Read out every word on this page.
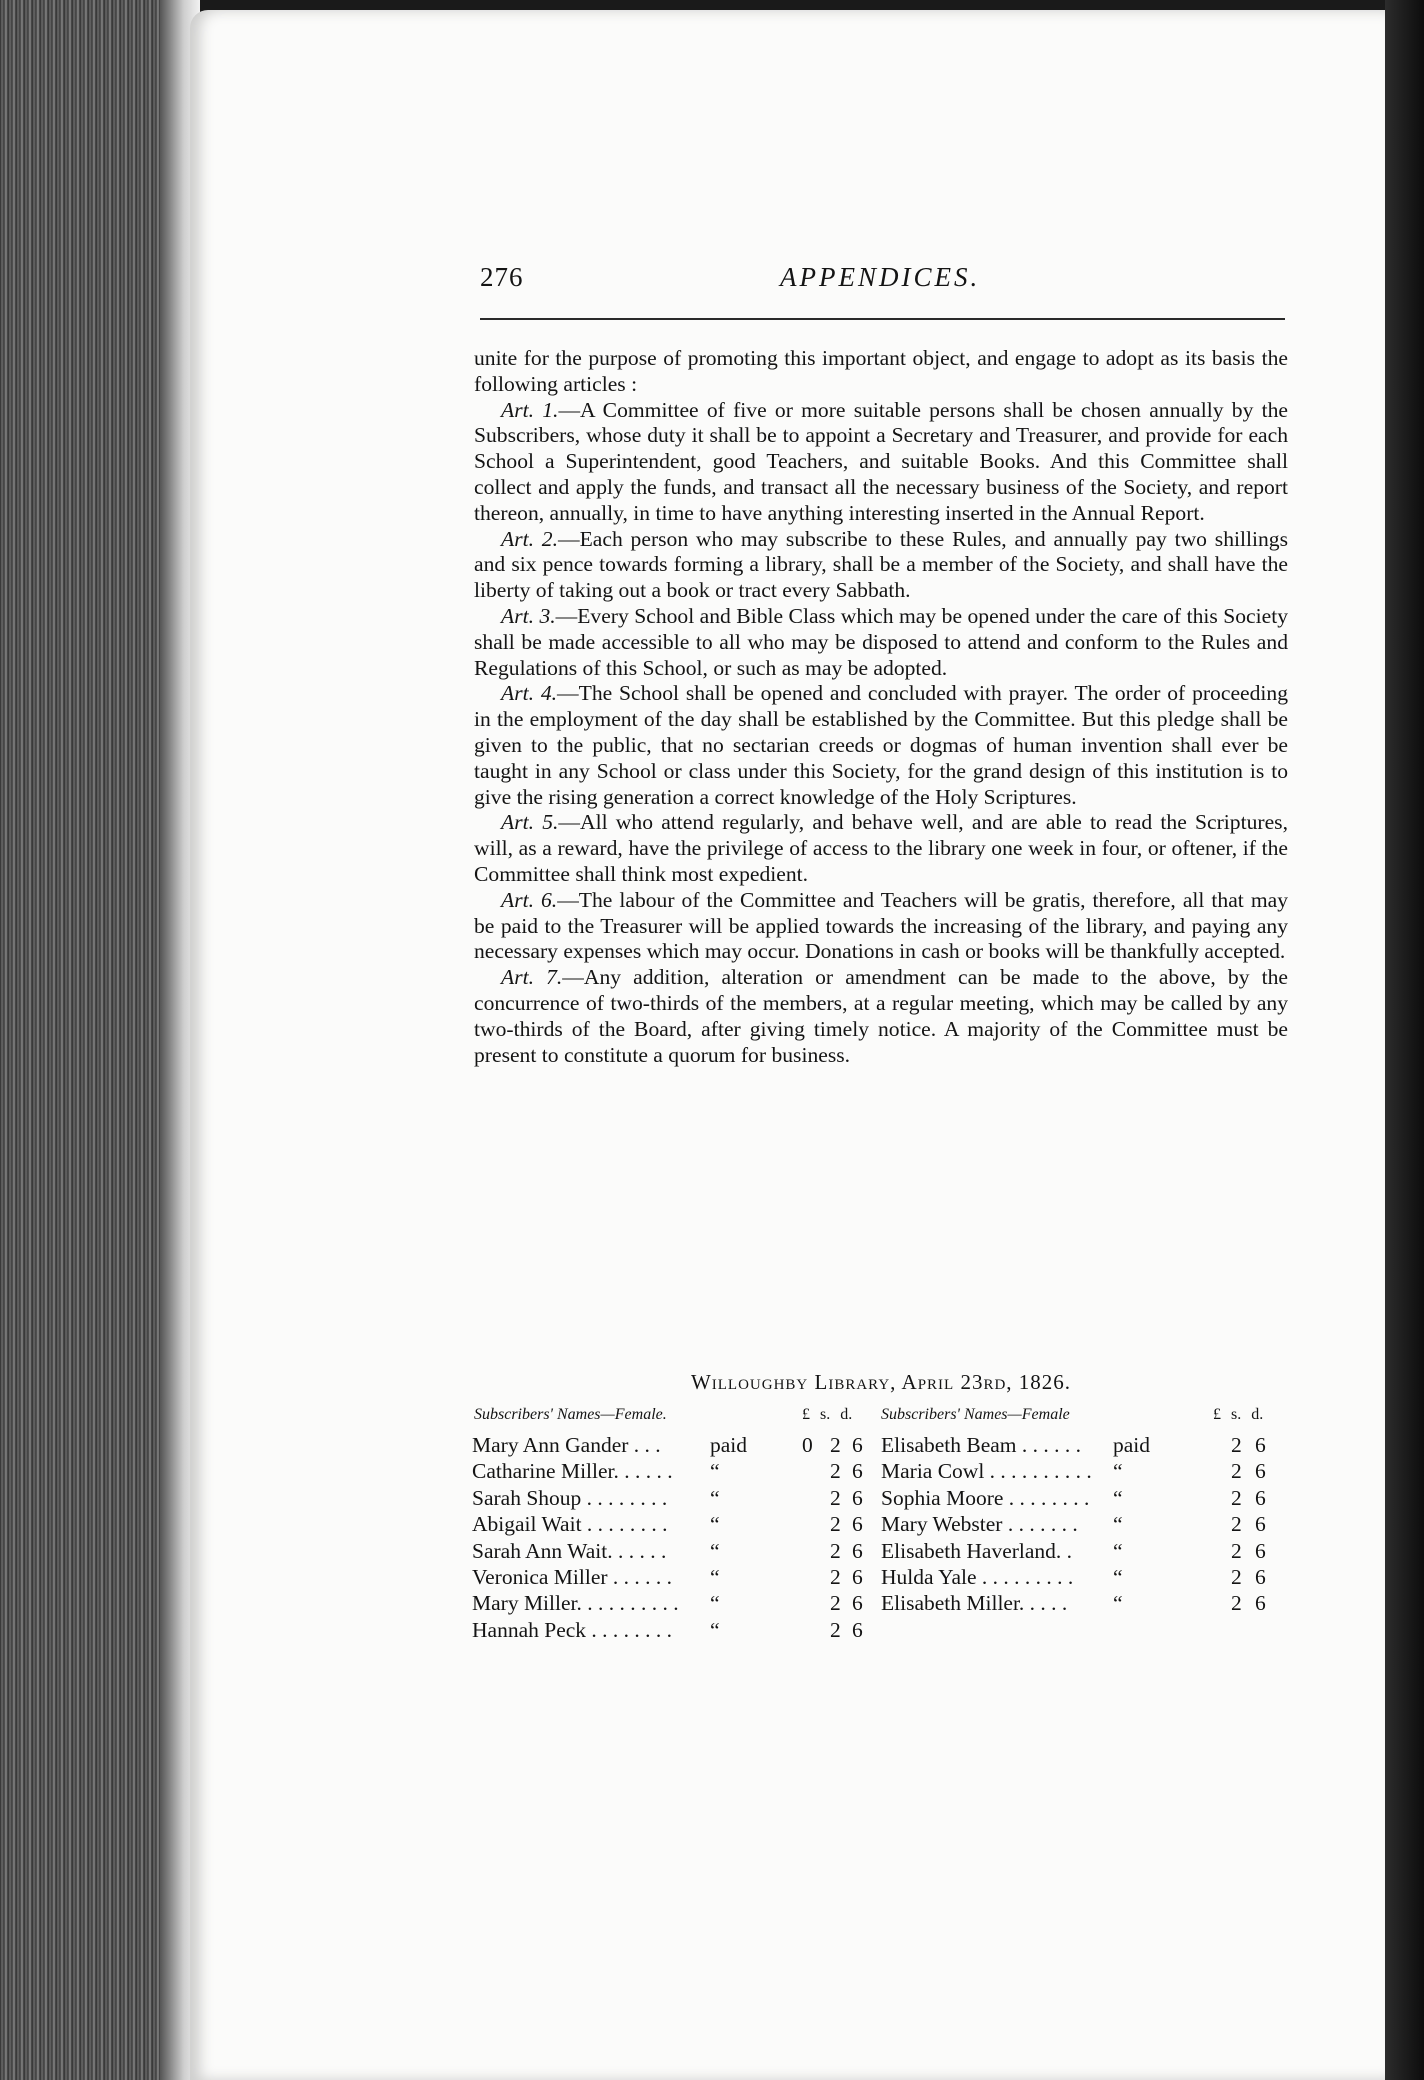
276	APPENDICES.

unite for the purpose of promoting this important object, and engage to adopt as its basis the following articles :

Art. 1.—A Committee of five or more suitable persons shall be chosen annually by the Subscribers, whose duty it shall be to appoint a Secretary and Treasurer, and provide for each School a Superintendent, good Teachers, and suitable Books. And this Committee shall collect and apply the funds, and transact all the necessary business of the Society, and report thereon, annually, in time to have anything interesting inserted in the Annual Report.

Art. 2.—Each person who may subscribe to these Rules, and annually pay two shillings and six pence towards forming a library, shall be a member of the Society, and shall have the liberty of taking out a book or tract every Sabbath.

Art. 3.—Every School and Bible Class which may be opened under the care of this Society shall be made accessible to all who may be disposed to attend and conform to the Rules and Regulations of this School, or such as may be adopted.

Art. 4.—The School shall be opened and concluded with prayer. The order of proceeding in the employment of the day shall be established by the Committee. But this pledge shall be given to the public, that no sectarian creeds or dogmas of human invention shall ever be taught in any School or class under this Society, for the grand design of this institution is to give the rising generation a correct knowledge of the Holy Scriptures.

Art. 5.—All who attend regularly, and behave well, and are able to read the Scriptures, will, as a reward, have the privilege of access to the library one week in four, or oftener, if the Committee shall think most expedient.

Art. 6.—The labour of the Committee and Teachers will be gratis, therefore, all that may be paid to the Treasurer will be applied towards the increasing of the library, and paying any necessary expenses which may occur. Donations in cash or books will be thankfully accepted.

Art. 7.—Any addition, alteration or amendment can be made to the above, by the concurrence of two-thirds of the members, at a regular meeting, which may be called by any two-thirds of the Board, after giving timely notice. A majority of the Committee must be present to constitute a quorum for business.

Willoughby Library, April 23rd, 1826.
Subscribers' Names—Female.	£ s. d. Subscribers' Names—Female	£ s. d.
Mary Ann Gander . . . paid	0 2 6
Catharine Miller. . . . . . “	2 6
Sarah Shoup . . . . . . . . “	2 6
Abigail Wait . . . . . . . . “	2 6
Sarah Ann Wait. . . . . . “	2 6
Veronica Miller . . . . . . “	2 6
Mary Miller. . . . . . . . . . “	2 6
Hannah Peck . . . . . . . . “	2 6
Elisabeth Beam . . . . . . paid	2 6
Maria Cowl . . . . . . . . . . “	2 6
Sophia Moore . . . . . . . . “	2 6
Mary Webster . . . . . . . “	2 6
Elisabeth Haverland. . “	2 6
Hulda Yale . . . . . . . . . “	2 6
Elisabeth Miller. . . . . “	2 6
